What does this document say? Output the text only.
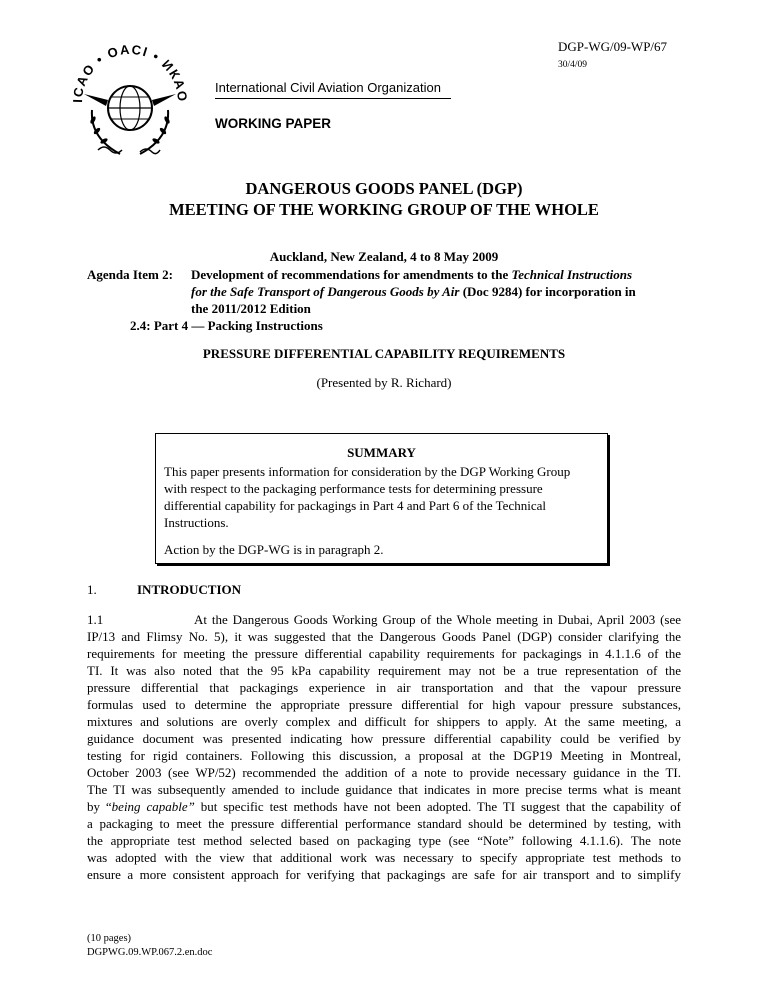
ICAO • OACI • ИКАО
International Civil Aviation Organization
DGP-WG/09-WP/67
30/4/09
WORKING PAPER
DANGEROUS GOODS PANEL (DGP)
MEETING OF THE WORKING GROUP OF THE WHOLE
Auckland, New Zealand, 4 to 8 May 2009
Agenda Item 2: Development of recommendations for amendments to the Technical Instructions
for the Safe Transport of Dangerous Goods by Air (Doc 9284) for incorporation in
the 2011/2012 Edition
2.4: Part 4 — Packing Instructions
PRESSURE DIFFERENTIAL CAPABILITY REQUIREMENTS
(Presented by R. Richard)
SUMMARY
This paper presents information for consideration by the DGP Working Group
with respect to the packaging performance tests for determining pressure
differential capability for packagings in Part 4 and Part 6 of the Technical
Instructions.
Action by the DGP-WG is in paragraph 2.
1.	INTRODUCTION
1.1	At the Dangerous Goods Working Group of the Whole meeting in Dubai, April 2003 (see
IP/13 and Flimsy No. 5), it was suggested that the Dangerous Goods Panel (DGP) consider clarifying the
requirements for meeting the pressure differential capability requirements for packagings in 4.1.1.6 of the
TI. It was also noted that the 95 kPa capability requirement may not be a true representation of the
pressure differential that packagings experience in air transportation and that the vapour pressure
formulas used to determine the appropriate pressure differential for high vapour pressure substances,
mixtures and solutions are overly complex and difficult for shippers to apply. At the same meeting, a
guidance document was presented indicating how pressure differential capability could be verified by
testing for rigid containers. Following this discussion, a proposal at the DGP19 Meeting in Montreal,
October 2003 (see WP/52) recommended the addition of a note to provide necessary guidance in the TI.
The TI was subsequently amended to include guidance that indicates in more precise terms what is meant
by “being capable” but specific test methods have not been adopted. The TI suggest that the capability of
a packaging to meet the pressure differential performance standard should be determined by testing, with
the appropriate test method selected based on packaging type (see “Note” following 4.1.1.6). The note
was adopted with the view that additional work was necessary to specify appropriate test methods to
ensure a more consistent approach for verifying that packagings are safe for air transport and to simplify
(10 pages)
DGPWG.09.WP.067.2.en.doc
